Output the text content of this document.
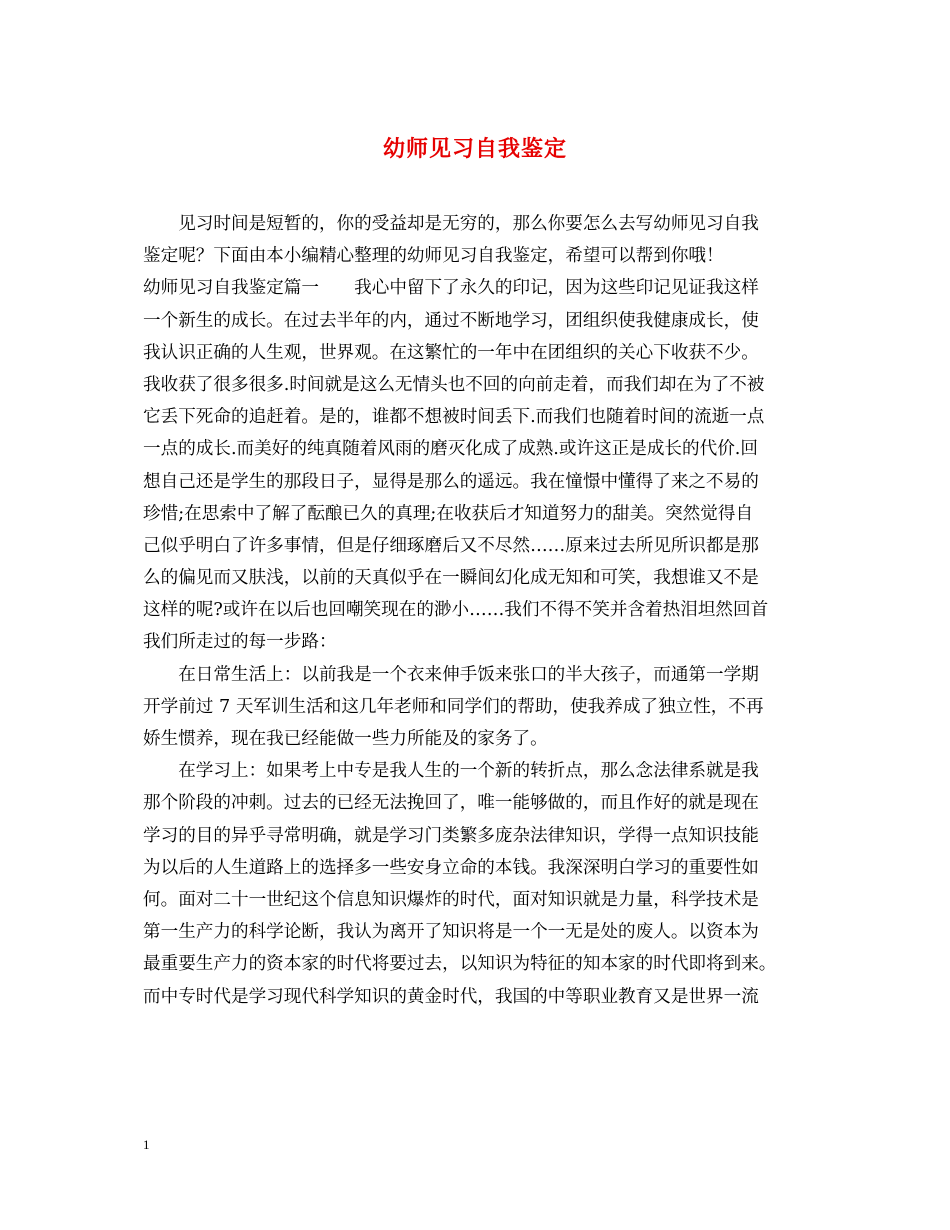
幼师见习自我鉴定
　　见习时间是短暂的，你的受益却是无穷的，那么你要怎么去写幼师见习自我
鉴定呢？下面由本小编精心整理的幼师见习自我鉴定，希望可以帮到你哦！
幼师见习自我鉴定篇一　　我心中留下了永久的印记，因为这些印记见证我这样
一个新生的成长。在过去半年的内，通过不断地学习，团组织使我健康成长，使
我认识正确的人生观，世界观。在这繁忙的一年中在团组织的关心下收获不少。
我收获了很多很多.时间就是这么无情头也不回的向前走着，而我们却在为了不被
它丢下死命的追赶着。是的，谁都不想被时间丢下.而我们也随着时间的流逝一点
一点的成长.而美好的纯真随着风雨的磨灭化成了成熟.或许这正是成长的代价.回
想自己还是学生的那段日子，显得是那么的遥远。我在憧憬中懂得了来之不易的
珍惜;在思索中了解了酝酿已久的真理;在收获后才知道努力的甜美。突然觉得自
己似乎明白了许多事情，但是仔细琢磨后又不尽然……原来过去所见所识都是那
么的偏见而又肤浅，以前的天真似乎在一瞬间幻化成无知和可笑，我想谁又不是
这样的呢?或许在以后也回嘲笑现在的渺小……我们不得不笑并含着热泪坦然回首
我们所走过的每一步路：
　　在日常生活上：以前我是一个衣来伸手饭来张口的半大孩子，而通第一学期
开学前过 7 天军训生活和这几年老师和同学们的帮助，使我养成了独立性，不再
娇生惯养，现在我已经能做一些力所能及的家务了。
　　在学习上：如果考上中专是我人生的一个新的转折点，那么念法律系就是我
那个阶段的冲刺。过去的已经无法挽回了，唯一能够做的，而且作好的就是现在
学习的目的异乎寻常明确，就是学习门类繁多庞杂法律知识，学得一点知识技能
为以后的人生道路上的选择多一些安身立命的本钱。我深深明白学习的重要性如
何。面对二十一世纪这个信息知识爆炸的时代，面对知识就是力量，科学技术是
第一生产力的科学论断，我认为离开了知识将是一个一无是处的废人。以资本为
最重要生产力的资本家的时代将要过去，以知识为特征的知本家的时代即将到来。
而中专时代是学习现代科学知识的黄金时代，我国的中等职业教育又是世界一流
1
